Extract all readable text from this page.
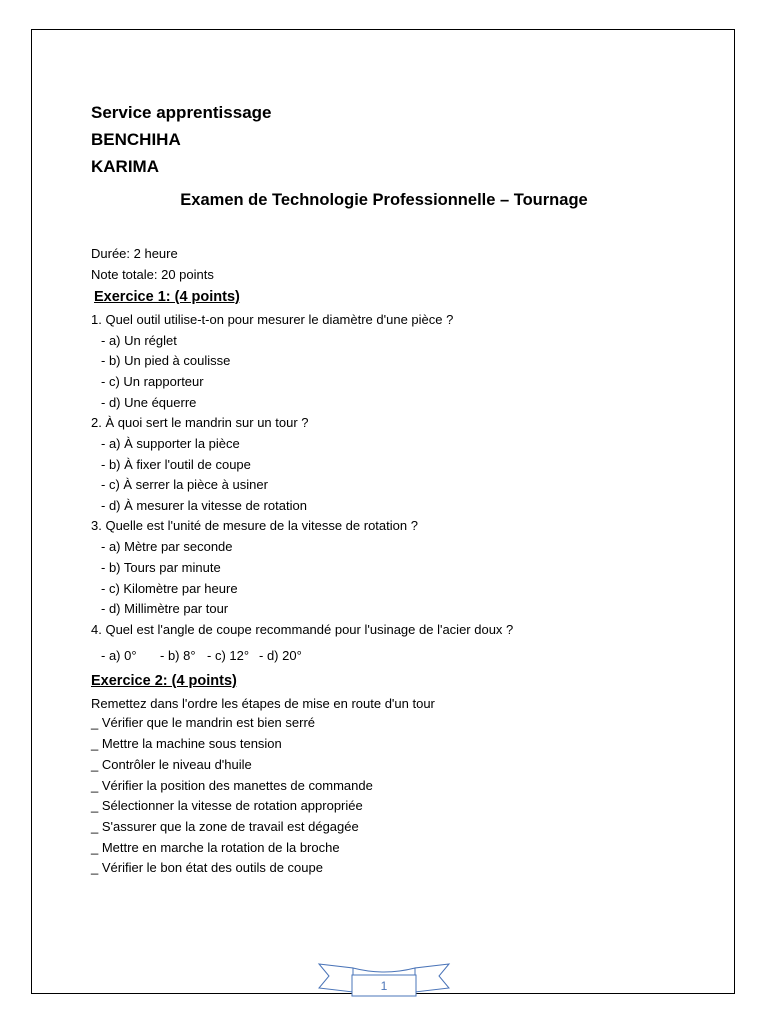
Service apprentissage
BENCHIHA
KARIMA
Examen de Technologie Professionnelle – Tournage
Durée: 2 heure
Note totale: 20 points
Exercice 1: (4 points)
1. Quel outil utilise-t-on pour mesurer le diamètre d'une pièce ?
- a) Un réglet
- b) Un pied à coulisse
- c) Un rapporteur
- d) Une équerre
2. À quoi sert le mandrin sur un tour ?
- a) À supporter la pièce
- b) À fixer l'outil de coupe
- c) À serrer la pièce à usiner
- d) À mesurer la vitesse de rotation
3. Quelle est l'unité de mesure de la vitesse de rotation ?
- a) Mètre par seconde
- b) Tours par minute
- c) Kilomètre par heure
- d) Millimètre par tour
4. Quel est l'angle de coupe recommandé pour l'usinage de l'acier doux ?
- a) 0° - b) 8° - c) 12° - d) 20°
Exercice 2: (4 points)
Remettez dans l'ordre les étapes de mise en route d'un tour
_ Vérifier que le mandrin est bien serré
_ Mettre la machine sous tension
_ Contrôler le niveau d'huile
_ Vérifier la position des manettes de commande
_ Sélectionner la vitesse de rotation appropriée
_ S'assurer que la zone de travail est dégagée
_ Mettre en marche la rotation de la broche
_ Vérifier le bon état des outils de coupe
1
